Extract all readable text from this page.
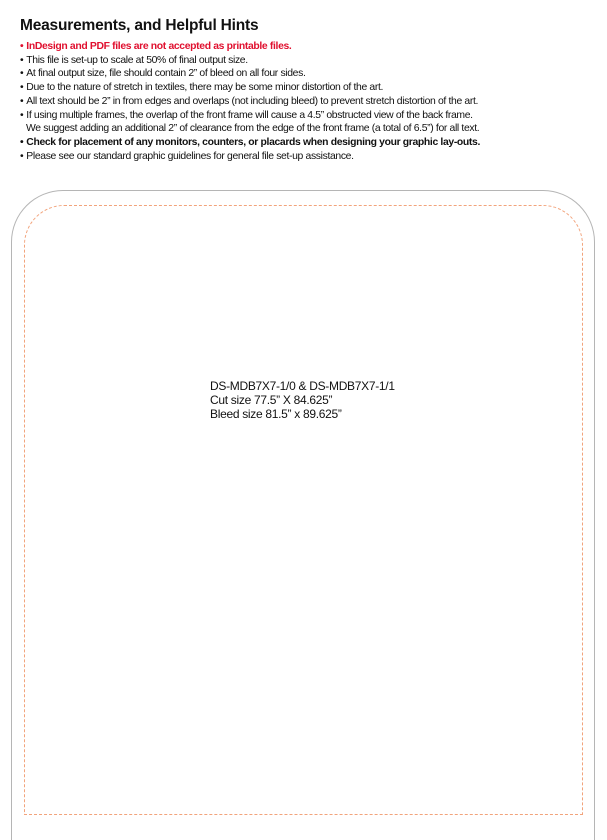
Measurements, and Helpful Hints
• InDesign and PDF files are not accepted as printable files.
• This file is set-up to scale at 50% of final output size.
• At final output size, file should contain 2” of bleed on all four sides.
• Due to the nature of stretch in textiles, there may be some minor distortion of the art.
• All text should be 2” in from edges and overlaps (not including bleed) to prevent stretch distortion of the art.
• If using multiple frames, the overlap of the front frame will cause a 4.5” obstructed view of the back frame.
We suggest adding an additional 2” of clearance from the edge of the front frame (a total of 6.5”) for all text.
• Check for placement of any monitors, counters, or placards when designing your graphic lay-outs.
• Please see our standard graphic guidelines for general file set-up assistance.
DS-MDB7X7-1/0 & DS-MDB7X7-1/1
Cut size 77.5” X 84.625”
Bleed size 81.5” x 89.625”
